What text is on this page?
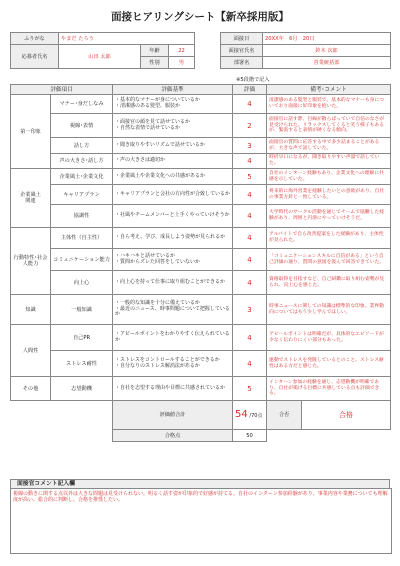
面接ヒアリングシート【新卒採用版】
ふりがな	やまだ たろう				面接日	20XX年　6月　20日
応募者氏名	山田 太郎	年齢	22		面接官氏名	鈴木 次郎
		性別	男		部署名	営業統括部
※5段階で記入
評価項目	評価基準	評価	備考･コメント
第一印象	マナー･身だしなみ	・基本的なマナーが身についているか
・清潔感のある髪型、服装か	4	清潔感のある髪型と服装で、基本的なマナーも身についており面接に好印象を抱いた。
視線･表情	・面接官の顔を見て話せているか
・自然な表情で話せているか	2	面接官に話す際、目線が散らばっていて自信のなさが見受けられた。リラックスしてくると笑う様子もあるが、緊張すると表情が硬くなる傾向。
話し方	・聞き取りやすいリズムで話せているか	3	面接官の質問に応答する中で多少詰まることがあるが、大きな声で話していた。
声の大きさ･話し方	・声の大きさは適切か	4	時折早口になるが、聞き取りやすい声量で話していた。
企業風土
関連	企業風土･企業文化	・企業風土や企業文化への共感があるか	5	自社のインターン経験もあり、企業文化への理解に共感を示していた。
キャリアプラン	・キャリアプランと会社の方向性が合致しているか	4	将来的に海外営業を経験したいとの意欲があり、自社の事業方針と一致している。
協調性	・社風やチームメンバーと上手くやっていけそうか	4	大学時代のサークル活動を通じてチームで協働した経験があり、周囲と円滑にやっていけそうだ。
行動特性･社会人能力	主体性（自主性）	・自ら考え、学び、成長しよう姿勢が見られるか	4	アルバイトで自ら改善提案をした経験があり、主体性が見られた。
コミュニケーション能力	・ハキハキと話せているか
・質問からズレた回答をしていないか	4	「コミュニケーションスキルに自信がある」という自己評価の通り、質問の意図を汲んで回答できていた。
向上心	・向上心を持って仕事に取り組むことができるか	4	資格取得を目指すなど、自己研鑽に取り組む姿勢が見られ、向上心を感じた。
知識	一般知識	・一般的な知識を十分に備えているか
・最近のニュース、時事問題について把握しているか	3	時事ニュースに関しての知識は標準的な印象。業界動向についてはもう少し学んでほしい。
人間性	自己PR	・アピールポイントをわかりやすく伝えられているか	4	アピールポイントは明確だが、具体的なエピソードが少なく伝わりにくい部分もあった。
ストレス耐性	・ストレスをコントロールすることができるか
・自分なりのストレス解消法があるか	4	運動でストレスを発散しているとのこと。ストレス耐性はある方だと感じた。
その他	志望動機	・自社を志望する理由や目標に共感されているか	5	インターン参加の経験を通じ、志望動機が明確であり、自社が掲げる目標に共感している点も評価できる。
	評価値合計	54 /70点		合否	合格

	合格点	50	
面接官コメント記入欄
視線の動きに関する点以外は大きな問題は見受けられない。明るく話す姿が印象的で好感が持てる。自社のインターン参加経験があり、事業内容や業務についても理解度が高い。総合的に判断し、合格を推奨したい。
